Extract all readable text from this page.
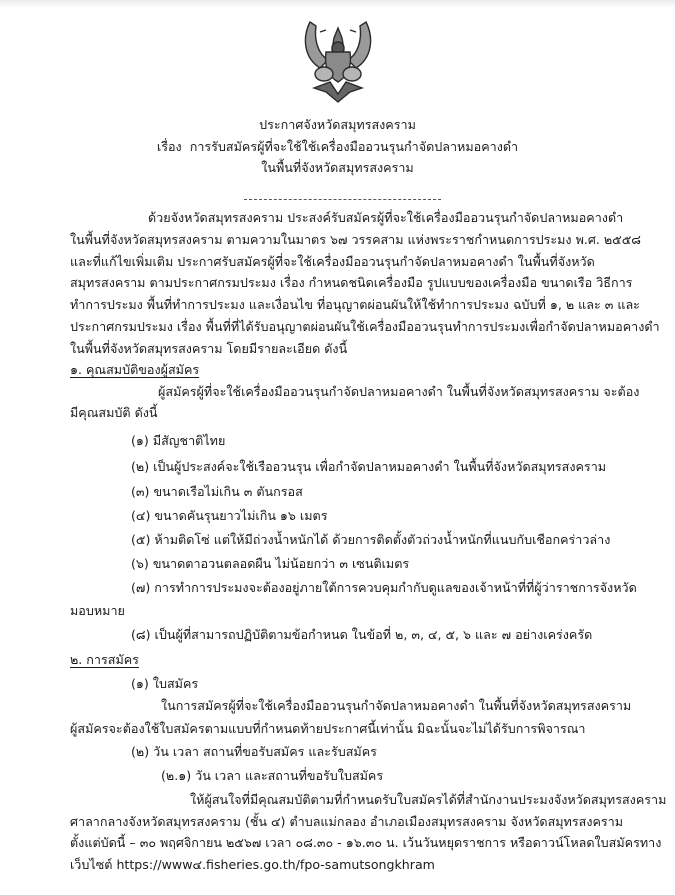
ประกาศจังหวัดสมุทรสงคราม
เรื่อง การรับสมัครผู้ที่จะใช้ใช้เครื่องมืออวนรุนกำจัดปลาหมอคางดำ
ในพื้นที่จังหวัดสมุทรสงคราม
ด้วยจังหวัดสมุทรสงคราม ประสงค์รับสมัครผู้ที่จะใช้เครื่องมืออวนรุนกำจัดปลาหมอคางดำ
ในพื้นที่จังหวัดสมุทรสงคราม ตามความในมาตร ๖๗ วรรคสาม แห่งพระราชกำหนดการประมง พ.ศ. ๒๕๕๘
และที่แก้ไขเพิ่มเติม ประกาศรับสมัครผู้ที่จะใช้เครื่องมืออวนรุนกำจัดปลาหมอคางดำ ในพื้นที่จังหวัด
สมุทรสงคราม ตามประกาศกรมประมง เรื่อง กำหนดชนิดเครื่องมือ รูปแบบของเครื่องมือ ขนาดเรือ วิธีการ
ทำการประมง พื้นที่ทำการประมง และเงื่อนไข ที่อนุญาตผ่อนผันให้ใช้ทำการประมง ฉบับที่ ๑, ๒ และ ๓ และ
ประกาศกรมประมง เรื่อง พื้นที่ที่ได้รับอนุญาตผ่อนผันใช้เครื่องมืออวนรุนทำการประมงเพื่อกำจัดปลาหมอคางดำ
ในพื้นที่จังหวัดสมุทรสงคราม โดยมีรายละเอียด ดังนี้
๑. คุณสมบัติของผู้สมัคร
ผู้สมัครผู้ที่จะใช้เครื่องมืออวนรุนกำจัดปลาหมอคางดำ ในพื้นที่จังหวัดสมุทรสงคราม จะต้อง
มีคุณสมบัติ ดังนี้
(๑) มีสัญชาติไทย
(๒) เป็นผู้ประสงค์จะใช้เรืออวนรุน เพื่อกำจัดปลาหมอคางดำ ในพื้นที่จังหวัดสมุทรสงคราม
(๓) ขนาดเรือไม่เกิน ๓ ตันกรอส
(๔) ขนาดคันรุนยาวไม่เกิน ๑๖ เมตร
(๕) ห้ามติดโซ่ แต่ให้มีถ่วงน้ำหนักได้ ด้วยการติดตั้งตัวถ่วงน้ำหนักที่แนบกับเชือกคร่าวล่าง
(๖) ขนาดตาอวนตลอดผืน ไม่น้อยกว่า ๓ เซนติเมตร
(๗) การทำการประมงจะต้องอยู่ภายใต้การควบคุมกำกับดูแลของเจ้าหน้าที่ที่ผู้ว่าราชการจังหวัด
มอบหมาย
(๘) เป็นผู้ที่สามารถปฏิบัติตามข้อกำหนด ในข้อที่ ๒, ๓, ๔, ๕, ๖ และ ๗ อย่างเคร่งครัด
๒. การสมัคร
(๑) ใบสมัคร
ในการสมัครผู้ที่จะใช้เครื่องมืออวนรุนกำจัดปลาหมอคางดำ ในพื้นที่จังหวัดสมุทรสงคราม
ผู้สมัครจะต้องใช้ใบสมัครตามแบบที่กำหนดท้ายประกาศนี้เท่านั้น มิฉะนั้นจะไม่ได้รับการพิจารณา
(๒) วัน เวลา สถานที่ขอรับสมัคร และรับสมัคร
(๒.๑) วัน เวลา และสถานที่ขอรับใบสมัคร
ให้ผู้สนใจที่มีคุณสมบัติตามที่กำหนดรับใบสมัครได้ที่สำนักงานประมงจังหวัดสมุทรสงคราม
ศาลากลางจังหวัดสมุทรสงคราม (ชั้น ๔) ตำบลแม่กลอง อำเภอเมืองสมุทรสงคราม จังหวัดสมุทรสงคราม
ตั้งแต่บัดนี้ – ๓๐ พฤศจิกายน ๒๕๖๗ เวลา ๐๘.๓๐ - ๑๖.๓๐ น. เว้นวันหยุดราชการ หรือดาวน์โหลดใบสมัครทาง
เว็บไซต์ https://www๔.fisheries.go.th/fpo-samutsongkhram
